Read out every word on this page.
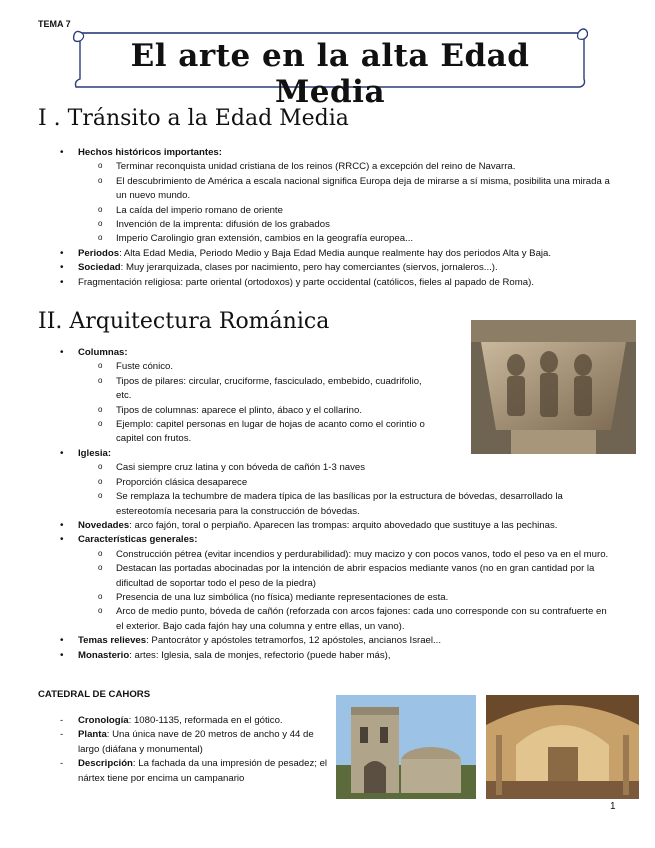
TEMA 7
El arte en la alta Edad Media
I . Tránsito a la Edad Media
• Hechos históricos importantes:
o Terminar reconquista unidad cristiana de los reinos (RRCC) a excepción del reino de Navarra.
o El descubrimiento de América a escala nacional significa Europa deja de mirarse a sí misma, posibilita una mirada a un nuevo mundo.
o La caída del imperio romano de oriente
o Invención de la imprenta: difusión de los grabados
o Imperio Carolingio gran extensión, cambios en la geografía europea...
• Periodos: Alta Edad Media, Periodo Medio y Baja Edad Media aunque realmente hay dos periodos Alta y Baja.
• Sociedad: Muy jerarquizada, clases por nacimiento, pero hay comerciantes (siervos, jornaleros...).
• Fragmentación religiosa: parte oriental (ortodoxos) y parte occidental (católicos, fieles al papado de Roma).
II. Arquitectura Románica
• Columnas:
o Fuste cónico.
o Tipos de pilares: circular, cruciforme, fasciculado, embebido, cuadrifolio, etc.
o Tipos de columnas: aparece el plinto, ábaco y el collarino.
o Ejemplo: capitel personas en lugar de hojas de acanto como el corintio o capitel con frutos.
• Iglesia:
o Casi siempre cruz latina y con bóveda de cañón 1-3 naves
o Proporción clásica desaparece
o Se remplaza la techumbre de madera típica de las basílicas por la estructura de bóvedas, desarrollado la estereotomía necesaria para la construcción de bóvedas.
• Novedades: arco fajón, toral o perpiaño. Aparecen las trompas: arquito abovedado que sustituye a las pechinas.
• Características generales:
o Construcción pétrea (evitar incendios y perdurabilidad): muy macizo y con pocos vanos, todo el peso va en el muro.
o Destacan las portadas abocinadas por la intención de abrir espacios mediante vanos (no en gran cantidad por la dificultad de soportar todo el peso de la piedra)
o Presencia de una luz simbólica (no física) mediante representaciones de esta.
o Arco de medio punto, bóveda de cañón (reforzada con arcos fajones: cada uno corresponde con su contrafuerte en el exterior. Bajo cada fajón hay una columna y entre ellas, un vano).
• Temas relieves: Pantocrátor y apóstoles tetramorfos, 12 apóstoles, ancianos Israel...
• Monasterio: artes: Iglesia, sala de monjes, refectorio (puede haber más),
CATEDRAL DE CAHORS
- Cronología: 1080-1135, reformada en el gótico.
- Planta: Una única nave de 20 metros de ancho y 44 de largo (diáfana y monumental)
- Descripción: La fachada da una impresión de pesadez; el nártex tiene por encima un campanario
1
